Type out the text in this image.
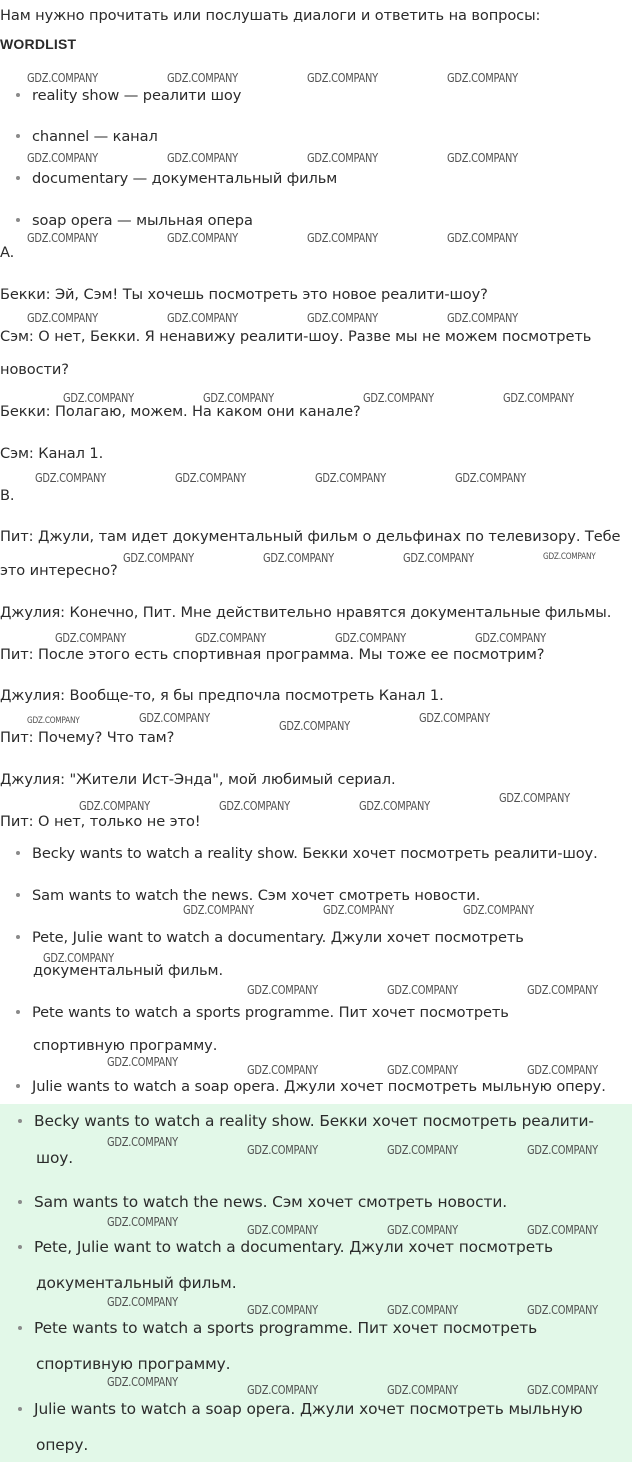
Нам нужно прочитать или послушать диалоги и ответить на вопросы:
WORDLIST
reality show — реалити шоу
channel — канал
documentary — документальный фильм
soap opera — мыльная опера
A.
Бекки: Эй, Сэм! Ты хочешь посмотреть это новое реалити-шоу?
Сэм: О нет, Бекки. Я ненавижу реалити-шоу. Разве мы не можем посмотреть
новости?
Бекки: Полагаю, можем. На каком они канале?
Сэм: Канал 1.
B.
Пит: Джули, там идет документальный фильм о дельфинах по телевизору. Тебе
это интересно?
Джулия: Конечно, Пит. Мне действительно нравятся документальные фильмы.
Пит: После этого есть спортивная программа. Мы тоже ее посмотрим?
Джулия: Вообще-то, я бы предпочла посмотреть Канал 1.
Пит: Почему? Что там?
Джулия: "Жители Ист-Энда", мой любимый сериал.
Пит: О нет, только не это!
Becky wants to watch a reality show. Бекки хочет посмотреть реалити-шоу.
Sam wants to watch the news. Сэм хочет смотреть новости.
Pete, Julie want to watch a documentary. Джули хочет посмотреть
документальный фильм.
Pete wants to watch a sports programme. Пит хочет посмотреть
спортивную программу.
Julie wants to watch a soap opera. Джули хочет посмотреть мыльную оперу.
Becky wants to watch a reality show. Бекки хочет посмотреть реалити-
шоу.
Sam wants to watch the news. Сэм хочет смотреть новости.
Pete, Julie want to watch a documentary. Джули хочет посмотреть
документальный фильм.
Pete wants to watch a sports programme. Пит хочет посмотреть
спортивную программу.
Julie wants to watch a soap opera. Джули хочет посмотреть мыльную
оперу.
GDZ.COMPANY	GDZ.COMPANY	GDZ.COMPANY	GDZ.COMPANY
GDZ.COMPANY	GDZ.COMPANY	GDZ.COMPANY	GDZ.COMPANY
GDZ.COMPANY	GDZ.COMPANY	GDZ.COMPANY	GDZ.COMPANY
GDZ.COMPANY	GDZ.COMPANY	GDZ.COMPANY	GDZ.COMPANY
GDZ.COMPANY	GDZ.COMPANY	GDZ.COMPANY	GDZ.COMPANY
GDZ.COMPANY	GDZ.COMPANY	GDZ.COMPANY	GDZ.COMPANY
GDZ.COMPANY	GDZ.COMPANY	GDZ.COMPANY	GDZ.COMPANY
GDZ.COMPANY	GDZ.COMPANY	GDZ.COMPANY	GDZ.COMPANY
GDZ.COMPANY	GDZ.COMPANY
GDZ.COMPANY
GDZ.COMPANY
GDZ.COMPANY	GDZ.COMPANY	GDZ.COMPANY
GDZ.COMPANY
GDZ.COMPANY	GDZ.COMPANY	GDZ.COMPANY
GDZ.COMPANY
GDZ.COMPANY	GDZ.COMPANY	GDZ.COMPANY
GDZ.COMPANY
GDZ.COMPANY	GDZ.COMPANY	GDZ.COMPANY
GDZ.COMPANY
GDZ.COMPANY	GDZ.COMPANY	GDZ.COMPANY
GDZ.COMPANY
GDZ.COMPANY	GDZ.COMPANY	GDZ.COMPANY
GDZ.COMPANY
GDZ.COMPANY	GDZ.COMPANY	GDZ.COMPANY
GDZ.COMPANY
GDZ.COMPANY	GDZ.COMPANY	GDZ.COMPANY
